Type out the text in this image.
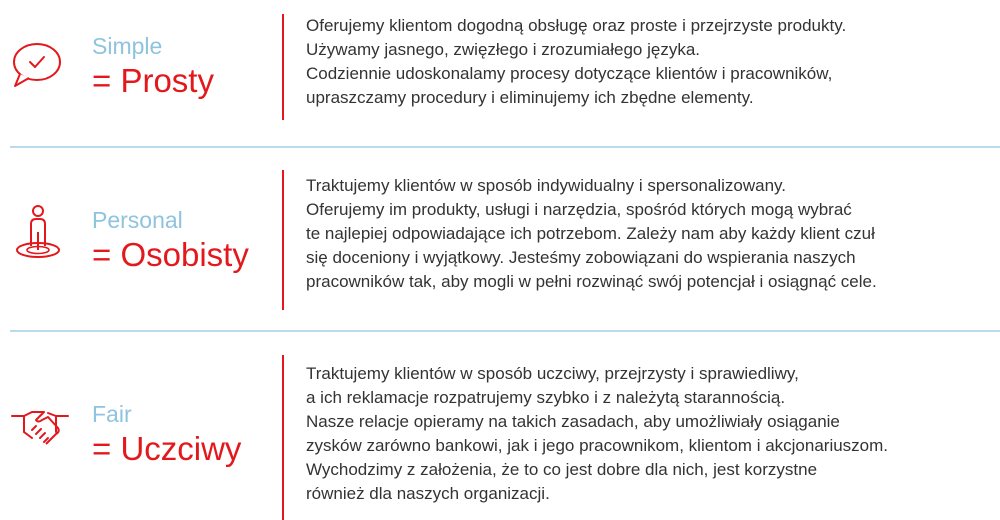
Simple
= Prosty
Oferujemy klientom dogodną obsługę oraz proste i przejrzyste produkty.
Używamy jasnego, zwięzłego i zrozumiałego języka.
Codziennie udoskonalamy procesy dotyczące klientów i pracowników,
upraszczamy procedury i eliminujemy ich zbędne elementy.
Personal
= Osobisty
Traktujemy klientów w sposób indywidualny i spersonalizowany.
Oferujemy im produkty, usługi i narzędzia, spośród których mogą wybrać
te najlepiej odpowiadające ich potrzebom. Zależy nam aby każdy klient czuł
się doceniony i wyjątkowy. Jesteśmy zobowiązani do wspierania naszych
pracowników tak, aby mogli w pełni rozwinąć swój potencjał i osiągnąć cele.
Fair
= Uczciwy
Traktujemy klientów w sposób uczciwy, przejrzysty i sprawiedliwy,
a ich reklamacje rozpatrujemy szybko i z należytą starannością.
Nasze relacje opieramy na takich zasadach, aby umożliwiały osiąganie
zysków zarówno bankowi, jak i jego pracownikom, klientom i akcjonariuszom.
Wychodzimy z założenia, że to co jest dobre dla nich, jest korzystne
również dla naszych organizacji.
